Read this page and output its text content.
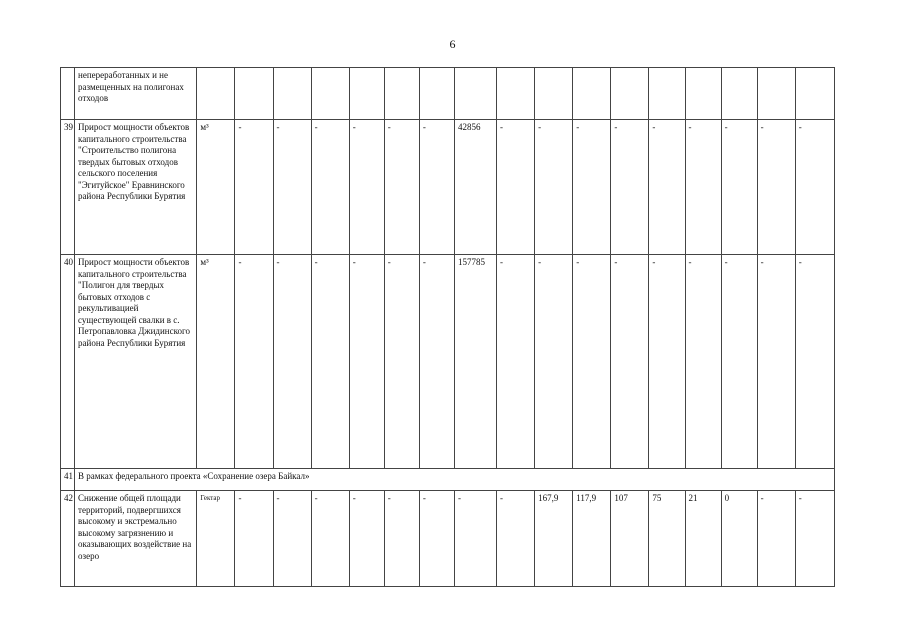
6
	непереработанных и не размещенных на полигонах отходов																	
39	Прирост мощности объектов капитального строительства "Строительство полигона твердых бытовых отходов сельского поселения "Эгитуйское" Еравнинского района Республики Бурятия	м³	-	-	-	-	-	-	42856	-	-	-	-	-	-	-	-	-
40	Прирост мощности объектов капитального строительства "Полигон для твердых бытовых отходов с рекультивацией существующей свалки в с. Петропавловка Джидинского района Республики Бурятия	м³	-	-	-	-	-	-	157785	-	-	-	-	-	-	-	-	-
41	В рамках федерального проекта «Сохранение озера Байкал»																	
42	Снижение общей площади территорий, подвергшихся высокому и экстремально высокому загрязнению и оказывающих воздействие на озеро	Гектар	-	-	-	-	-	-	-	-	167,9	117,9	107	75	21	0	-	-
